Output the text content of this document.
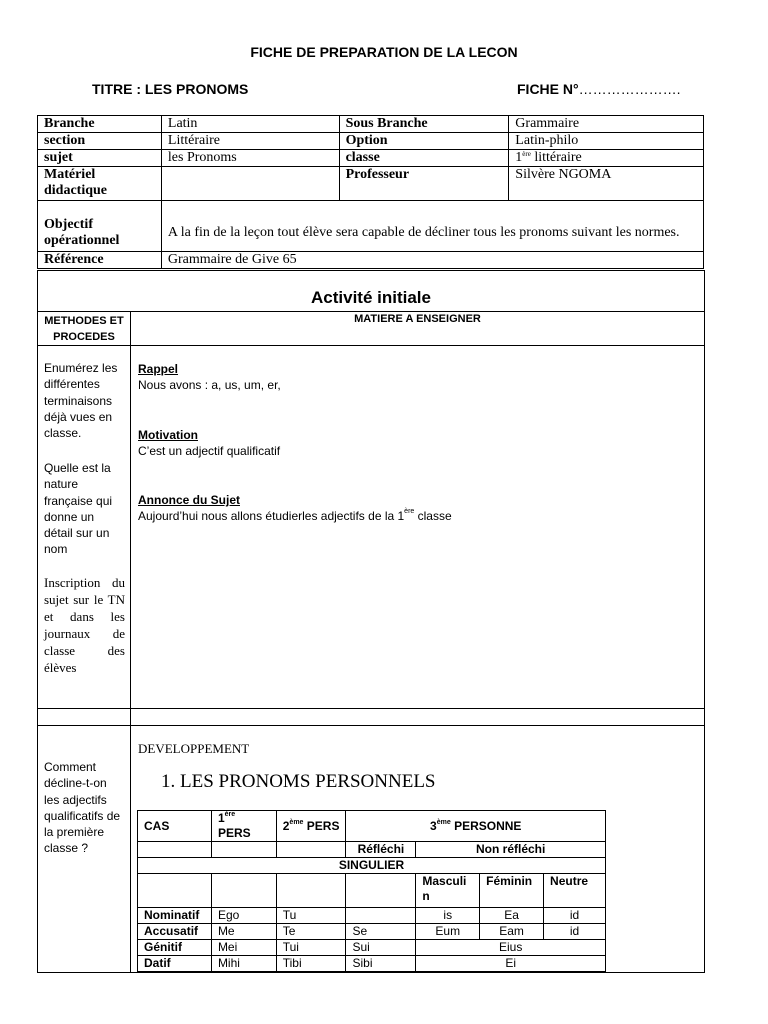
FICHE DE PREPARATION DE LA LECON
TITRE : LES PRONOMS	FICHE N°………………….
Branche	Latin	Sous Branche	Grammaire
section	Littéraire	Option	Latin-philo
sujet	les Pronoms	classe	1ère littéraire
Matériel didactique		Professeur	Silvère NGOMA
Objectif opérationnel	A la fin de la leçon tout élève sera capable de décliner tous les pronoms suivant les normes.		
Référence	Grammaire de Give 65		
Activité initiale
METHODES ET PROCEDES
MATIERE A ENSEIGNER
Enumérez les différentes terminaisons déjà vues en classe.
Quelle est la nature française qui donne un détail sur un nom
Inscription du sujet sur le TN et dans les journaux de classe des élèves
Rappel
Nous avons : a, us, um, er,
Motivation
C’est un adjectif qualificatif
Annonce du Sujet
Aujourd’hui nous allons étudierles adjectifs de la 1ère classe
Comment décline-t-on les adjectifs qualificatifs de la première classe ?
DEVELOPPEMENT
1. LES PRONOMS PERSONNELS
CAS	1ère PERS	2ème PERS	3ème PERSONNE			
			Réfléchi	Non réfléchi		
SINGULIER						
				Masculin	Féminin	Neutre
Nominatif	Ego	Tu		is	Ea	id
Accusatif	Me	Te	Se	Eum	Eam	id
Génitif	Mei	Tui	Sui	Eius		
Datif	Mihi	Tibi	Sibi	Ei		
